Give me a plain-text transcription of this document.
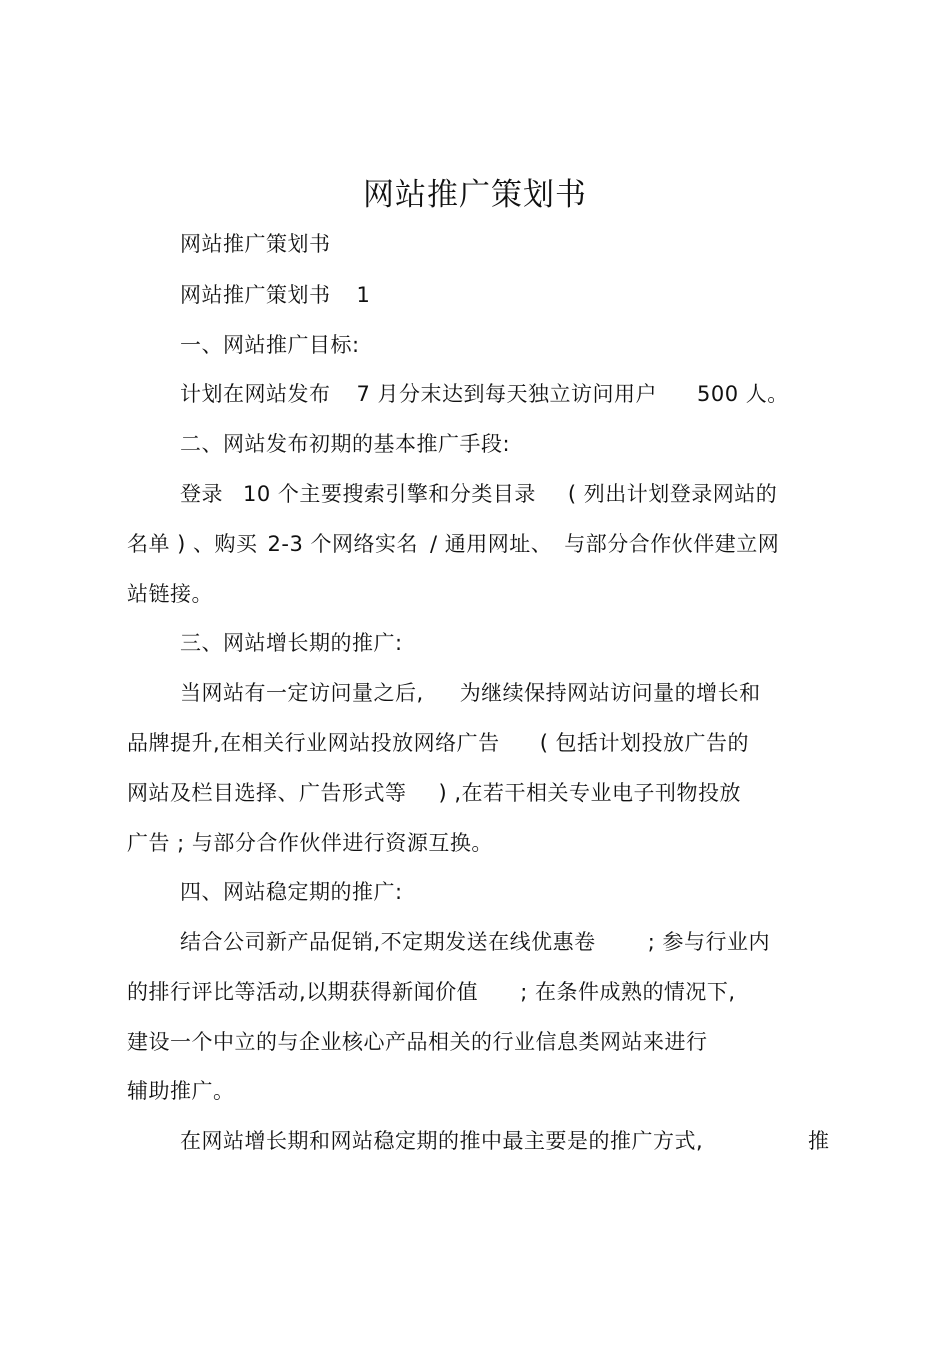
网站推广策划书
网站推广策划书
网站推广策划书 1
一、网站推广目标:
计划在网站发布 7 月分末达到每天独立访问用户 500 人。
二、网站发布初期的基本推广手段:
登录 10 个主要搜索引擎和分类目录 ( 列出计划登录网站的
名单 ) 、购买 2-3 个网络实名 / 通用网址、 与部分合作伙伴建立网
站链接。
三、网站增长期的推广:
当网站有一定访问量之后, 为继续保持网站访问量的增长和
品牌提升,在相关行业网站投放网络广告 ( 包括计划投放广告的
网站及栏目选择、广告形式等 ) ,在若干相关专业电子刊物投放
广告 ; 与部分合作伙伴进行资源互换。
四、网站稳定期的推广:
结合公司新产品促销,不定期发送在线优惠卷 ; 参与行业内
的排行评比等活动,以期获得新闻价值 ; 在条件成熟的情况下,
建设一个中立的与企业核心产品相关的行业信息类网站来进行
辅助推广。
在网站增长期和网站稳定期的推中最主要是的推广方式,	推
